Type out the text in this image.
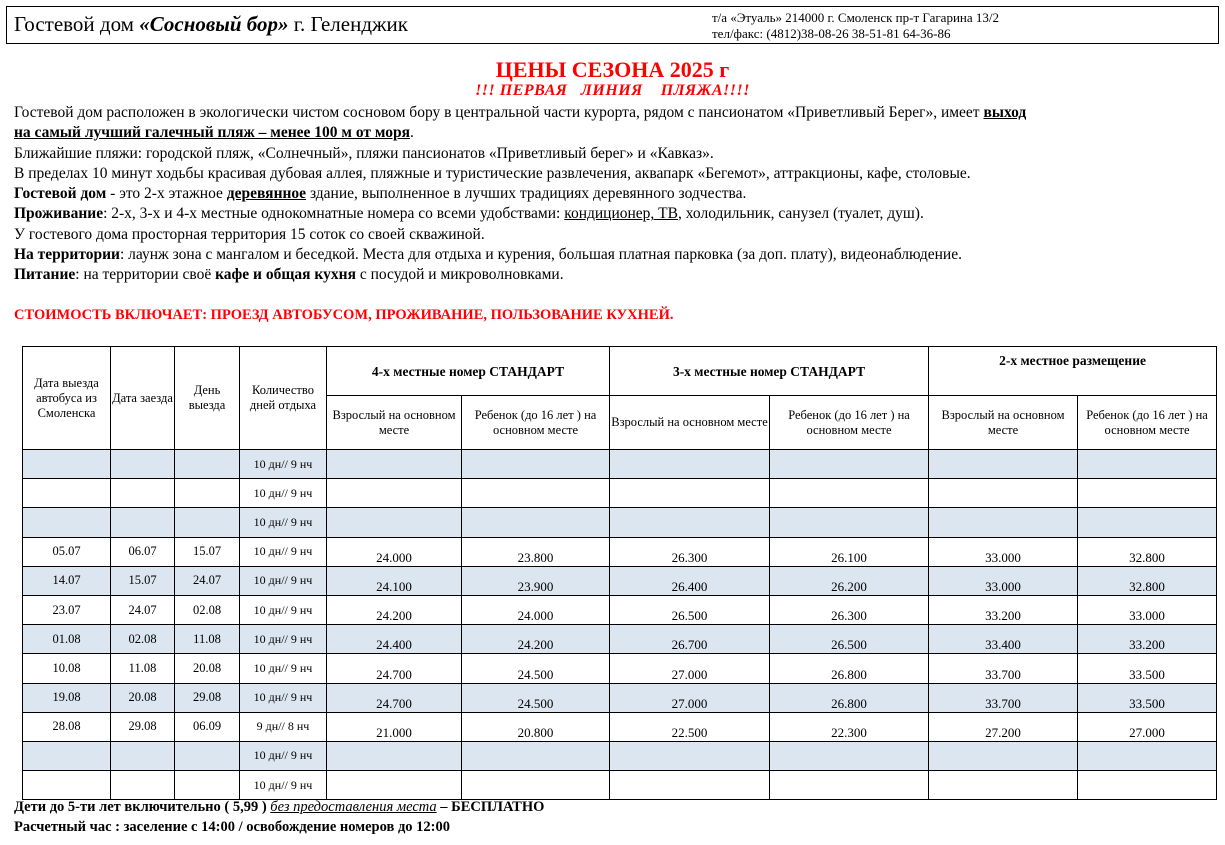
Гостевой дом «Сосновый бор» г. Геленджик	т/а «Этуаль» 214000 г. Смоленск пр-т Гагарина 13/2
тел/факс: (4812)38-08-26 38-51-81 64-36-86
ЦЕНЫ СЕЗОНА 2025 г
!!! ПЕРВАЯ   ЛИНИЯ    ПЛЯЖА!!!!

Гостевой дом расположен в экологически чистом сосновом бору в центральной части курорта, рядом с пансионатом «Приветливый Берег», имеет выход

на самый лучший галечный пляж – менее 100 м от моря.

Ближайшие пляжи: городской пляж, «Солнечный», пляжи пансионатов «Приветливый берег» и «Кавказ».

В пределах 10 минут ходьбы красивая дубовая аллея, пляжные и туристические развлечения, аквапарк «Бегемот», аттракционы, кафе, столовые.

Гостевой дом - это 2-х этажное деревянное здание, выполненное в лучших традициях деревянного зодчества.

Проживание: 2-х, 3-х и 4-х местные однокомнатные номера со всеми удобствами: кондиционер, ТВ, холодильник, санузел (туалет, душ).

У гостевого дома просторная территория 15 соток со своей скважиной.

На территории: лаунж зона с мангалом и беседкой. Места для отдыха и курения, большая платная парковка (за доп. плату), видеонаблюдение.

Питание: на территории своё кафе и общая кухня с посудой и микроволновками.

СТОИМОСТЬ ВКЛЮЧАЕТ: ПРОЕЗД АВТОБУСОМ, ПРОЖИВАНИЕ, ПОЛЬЗОВАНИЕ КУХНЕЙ.
Дата выезда автобуса из Смоленска	Дата заезда	День выезда	Количество дней отдыха	4-х местные номер СТАНДАРТ		3-х местные номер СТАНДАРТ		2-х местное размещение	
				Взрослый на основном месте	Ребенок (до 16 лет ) на основном месте	Взрослый на основном месте	Ребенок (до 16 лет ) на основном месте	Взрослый на основном месте	Ребенок (до 16 лет ) на основном месте
			10 дн// 9 нч						
			10 дн// 9 нч						
			10 дн// 9 нч						
05.07	06.07	15.07	10 дн// 9 нч	24.000	23.800	26.300	26.100	33.000	32.800
14.07	15.07	24.07	10 дн// 9 нч	24.100	23.900	26.400	26.200	33.000	32.800
23.07	24.07	02.08	10 дн// 9 нч	24.200	24.000	26.500	26.300	33.200	33.000
01.08	02.08	11.08	10 дн// 9 нч	24.400	24.200	26.700	26.500	33.400	33.200
10.08	11.08	20.08	10 дн// 9 нч	24.700	24.500	27.000	26.800	33.700	33.500
19.08	20.08	29.08	10 дн// 9 нч	24.700	24.500	27.000	26.800	33.700	33.500
28.08	29.08	06.09	9 дн// 8 нч	21.000	20.800	22.500	22.300	27.200	27.000
			10 дн// 9 нч						
			10 дн// 9 нч						
Дети до 5-ти лет включительно ( 5,99 ) без предоставления места – БЕСПЛАТНО
Расчетный час : заселение с 14:00 / освобождение номеров до 12:00
